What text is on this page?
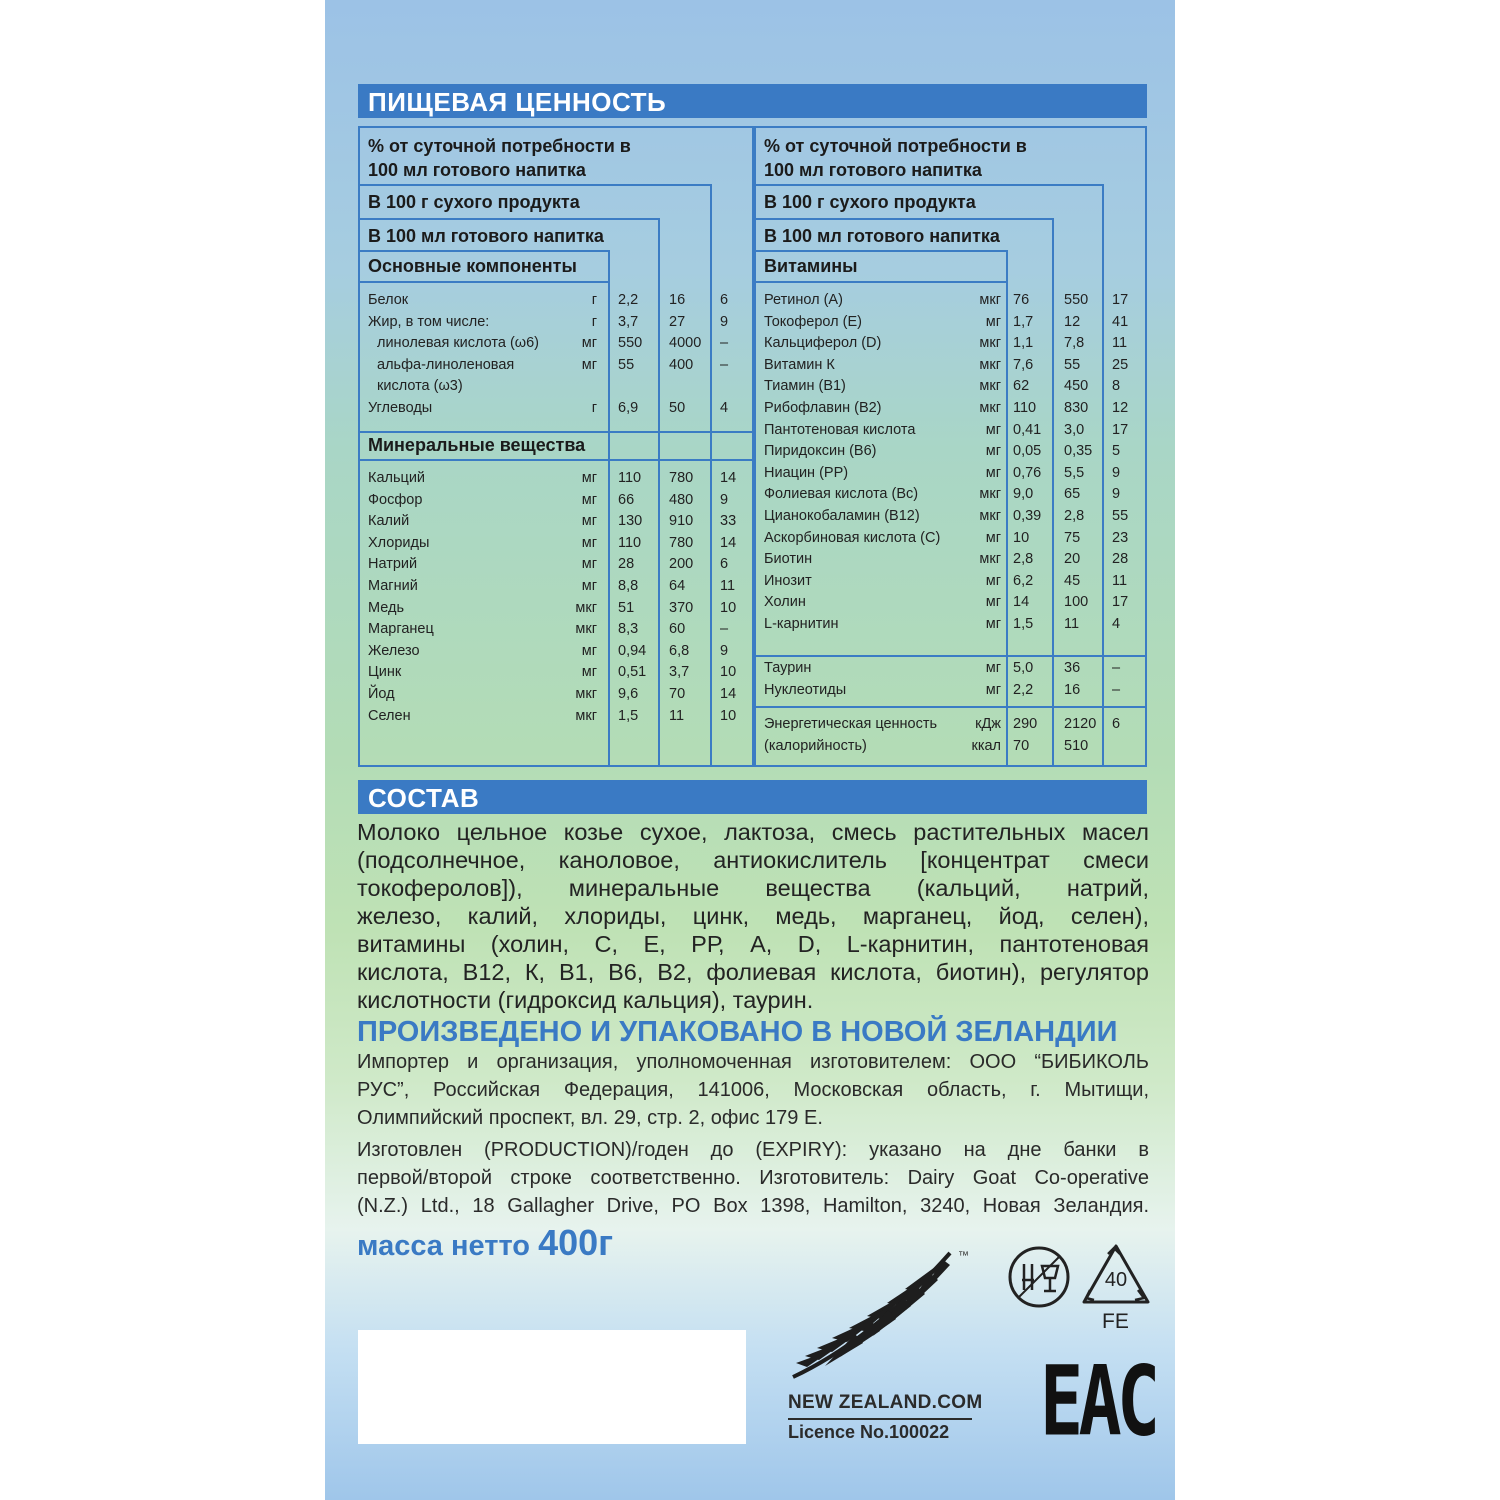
ПИЩЕВАЯ ЦЕННОСТЬ
% от суточной потребности в
100 мл готового напитка
В 100 г сухого продукта
В 100 мл готового напитка
Основные компоненты
Минеральные вещества
Белок	г 2,2 16 6
Жир, в том числе:	г 3,7 27 9
линолевая кислота (ω6)	мг 550 4000 –
альфа-линоленовая	мг 55 400 –
кислота (ω3)
Углеводы	г 6,9 50 4
Кальций	мг 110 780 14
Фосфор	мг 66 480 9
Калий	мг 130 910 33
Хлориды	мг 110 780 14
Натрий	мг 28 200 6
Магний	мг 8,8 64 11
Медь	мкг 51 370 10
Марганец	мкг 8,3 60 –
Железо	мг 0,94 6,8 9
Цинк	мг 0,51 3,7 10
Йод	мкг 9,6 70 14
Селен	мкг 1,5 11 10
% от суточной потребности в
100 мл готового напитка
В 100 г сухого продукта
В 100 мл готового напитка
Витамины
Ретинол (А)	мкг 76 550 17
Токоферол (Е)	мг 1,7 12 41
Кальциферол (D)	мкг 1,1 7,8 11
Витамин К	мкг 7,6 55 25
Тиамин (В1)	мкг 62 450 8
Рибофлавин (В2)	мкг 110 830 12
Пантотеновая кислота	мг 0,41 3,0 17
Пиридоксин (В6)	мг 0,05 0,35 5
Ниацин (РР)	мг 0,76 5,5 9
Фолиевая кислота (Вс)	мкг 9,0 65 9
Цианокобаламин (В12)	мкг 0,39 2,8 55
Аскорбиновая кислота (С)	мг 10 75 23
Биотин	мкг 2,8 20 28
Инозит	мг 6,2 45 11
Холин	мг 14 100 17
L-карнитин	мг 1,5 11 4
Таурин	мг 5,0 36 –
Нуклеотиды	мг 2,2 16 –
Энергетическая ценность	кДж 290 2120 6
(калорийность)	ккал 70 510
СОСТАВ
Молоко цельное козье сухое, лактоза, смесь растительных масел
(подсолнечное, каноловое, антиокислитель [концентрат смеси
токоферолов]), минеральные вещества (кальций, натрий,
железо, калий, хлориды, цинк, медь, марганец, йод, селен),
витамины (холин, С, Е, РР, А, D, L-карнитин, пантотеновая
кислота, В12, К, В1, В6, В2, фолиевая кислота, биотин), регулятор
кислотности (гидроксид кальция), таурин.
ПРОИЗВЕДЕНО И УПАКОВАНО В НОВОЙ ЗЕЛАНДИИ
Импортер и организация, уполномоченная изготовителем: ООО “БИБИКОЛЬ
РУС”, Российская Федерация, 141006, Московская область, г. Мытищи,
Олимпийский проспект, вл. 29, стр. 2, офис 179 Е.
Изготовлен (PRODUCTION)/годен до (EXPIRY): указано на дне банки в
первой/второй строке соответственно. Изготовитель: Dairy Goat Co-operative
(N.Z.) Ltd., 18 Gallagher Drive, PO Box 1398, Hamilton, 3240, Новая Зеландия.
масса нетто 400г	™
NEW ZEALAND.COM
Licence No.100022
40
FE
ЕАС
